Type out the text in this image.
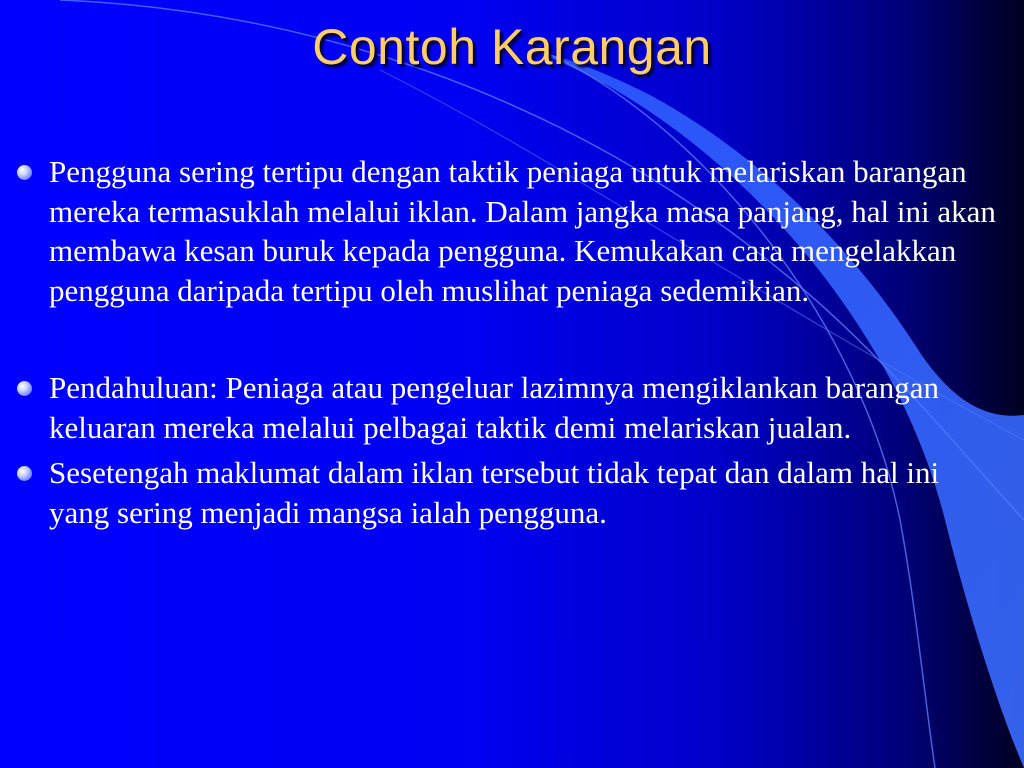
Contoh Karangan
Pengguna sering tertipu dengan taktik peniaga untuk melariskan barangan mereka termasuklah melalui iklan. Dalam jangka masa panjang, hal ini akan membawa kesan buruk kepada pengguna. Kemukakan cara mengelakkan pengguna daripada tertipu oleh muslihat peniaga sedemikian.
Pendahuluan: Peniaga atau pengeluar lazimnya mengiklankan barangan keluaran mereka melalui pelbagai taktik demi melariskan jualan.
Sesetengah maklumat dalam iklan tersebut tidak tepat dan dalam hal ini yang sering menjadi mangsa ialah pengguna.
